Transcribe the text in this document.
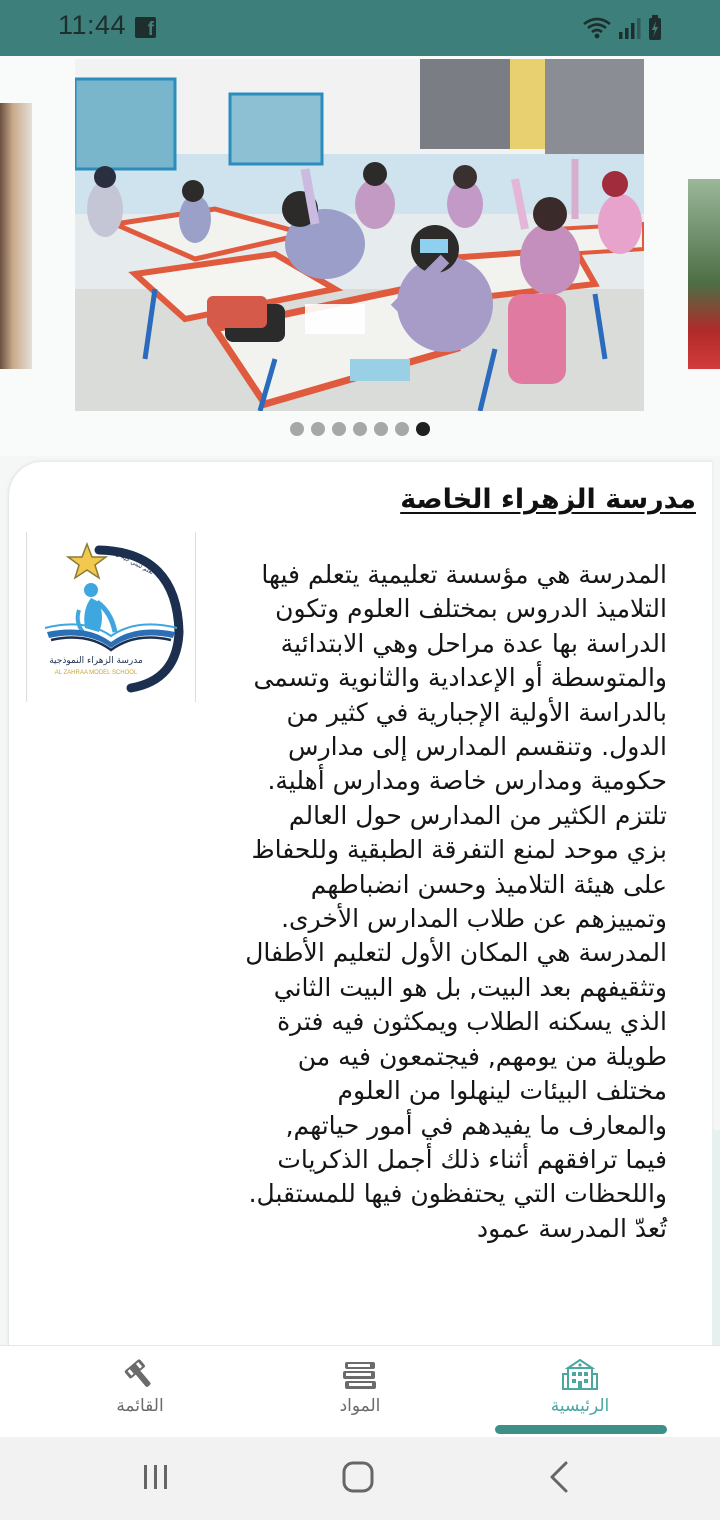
11:44
f
مدرسة الزهراء الخاصة
مدرسة الزهراء النموذجية
AL ZAHRAA MODEL SCHOOL
نعلم لنبني جيلاً واعياً	المدرسة هي مؤسسة تعليمية يتعلم فيها التلاميذ الدروس بمختلف العلوم وتكون الدراسة بها عدة مراحل وهي الابتدائية والمتوسطة أو الإعدادية والثانوية وتسمى بالدراسة الأولية الإجبارية في كثير من الدول. وتنقسم المدارس إلى مدارس حكومية ومدارس خاصة ومدارس أهلية. تلتزم الكثير من المدارس حول العالم بزي موحد لمنع التفرقة الطبقية وللحفاظ على هيئة التلاميذ وحسن انضباطهم وتمييزهم عن طلاب المدارس الأخرى. المدرسة هي المكان الأول لتعليم الأطفال وتثقيفهم بعد البيت, بل هو البيت الثاني الذي يسكنه الطلاب ويمكثون فيه فترة طويلة من يومهم, فيجتمعون فيه من مختلف البيئات لينهلوا من العلوم والمعارف ما يفيدهم في أمور حياتهم, فيما ترافقهم أثناء ذلك أجمل الذكريات واللحظات التي يحتفظون فيها للمستقبل. تُعدّ المدرسة عمود
القائمة	المواد	الرئيسية
